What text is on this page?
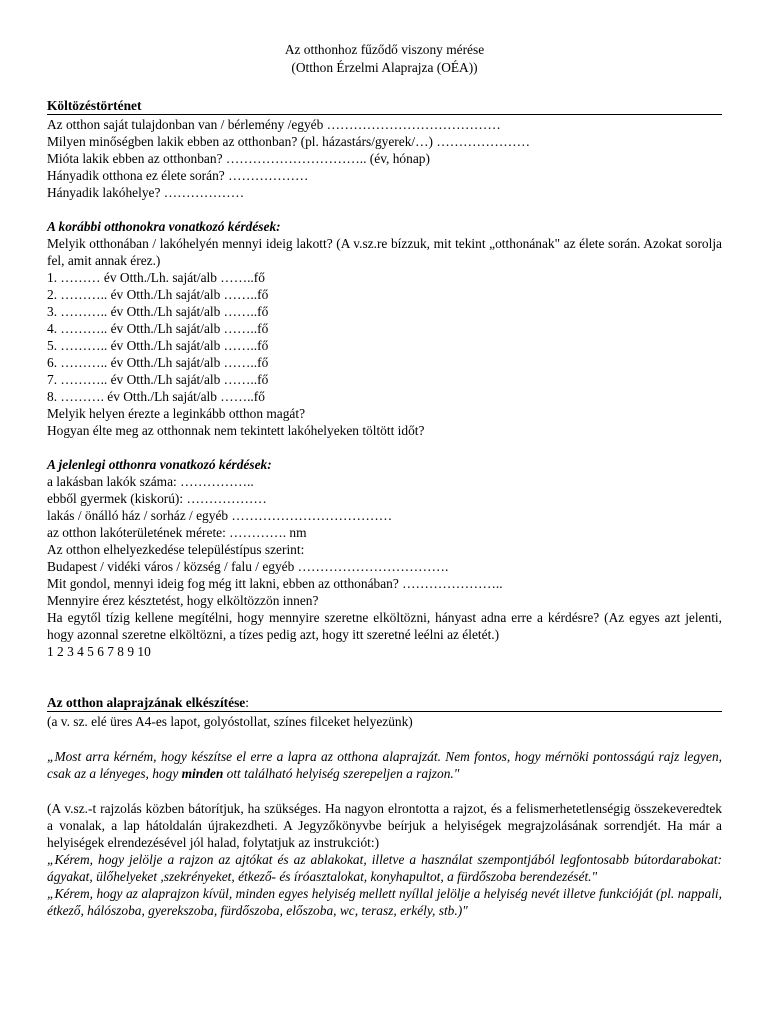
Az otthonhoz fűződő viszony mérése
(Otthon Érzelmi Alaprajza (OÉA))
Költözéstörténet
Az otthon saját tulajdonban van / bérlemény /egyéb …………………………………
Milyen minőségben lakik ebben az otthonban? (pl. házastárs/gyerek/…) …………………
Mióta lakik ebben az otthonban? ………………………….. (év, hónap)
Hányadik otthona ez élete során? ………………
Hányadik lakóhelye? ………………
A korábbi otthonokra vonatkozó kérdések:
Melyik otthonában / lakóhelyén mennyi ideig lakott? (A v.sz.re bízzuk, mit tekint „otthonának" az élete során. Azokat sorolja fel, amit annak érez.)
1. ……… év Otth./Lh. saját/alb ……..fő
2. ……….. év Otth./Lh saját/alb ……..fő
3. ……….. év Otth./Lh saját/alb ……..fő
4. ……….. év Otth./Lh saját/alb ……..fő
5. ……….. év Otth./Lh saját/alb ……..fő
6. ……….. év Otth./Lh saját/alb ……..fő
7. ……….. év Otth./Lh saját/alb ……..fő
8. ………. év Otth./Lh saját/alb ……..fő
Melyik helyen érezte a leginkább otthon magát?
Hogyan élte meg az otthonnak nem tekintett lakóhelyeken töltött időt?
A jelenlegi otthonra vonatkozó kérdések:
a lakásban lakók száma: ……………..
ebből gyermek (kiskorú): ………………
lakás / önálló ház / sorház / egyéb ………………………………
az otthon lakóterületének mérete: …………. nm
Az otthon elhelyezkedése településtípus szerint:
Budapest / vidéki város / község / falu / egyéb …………………………….
Mit gondol, mennyi ideig fog még itt lakni, ebben az otthonában? …………………..
Mennyire érez késztetést, hogy elköltözzön innen?
Ha egytől tízig kellene megítélni, hogy mennyire szeretne elköltözni, hányast adna erre a kérdésre? (Az egyes azt jelenti, hogy azonnal szeretne elköltözni, a tízes pedig azt, hogy itt szeretné leélni az életét.)
1 2 3 4 5 6 7 8 9 10
Az otthon alaprajzának elkészítése:
(a v. sz. elé üres A4-es lapot, golyóstollat, színes filceket helyezünk)
„Most arra kérném, hogy készítse el erre a lapra az otthona alaprajzát. Nem fontos, hogy mérnöki pontosságú rajz legyen, csak az a lényeges, hogy minden ott található helyiség szerepeljen a rajzon."
(A v.sz.-t rajzolás közben bátorítjuk, ha szükséges. Ha nagyon elrontotta a rajzot, és a felismerhetetlenségig összekeveredtek a vonalak, a lap hátoldalán újrakezdheti. A Jegyzőkönyvbe beírjuk a helyiségek megrajzolásának sorrendjét. Ha már a helyiségek elrendezésével jól halad, folytatjuk az instrukciót:)
„Kérem, hogy jelölje a rajzon az ajtókat és az ablakokat, illetve a használat szempontjából legfontosabb bútordarabokat: ágyakat, ülőhelyeket ,szekrényeket, étkező- és íróasztalokat, konyhapultot, a fürdőszoba berendezését."
„Kérem, hogy az alaprajzon kívül, minden egyes helyiség mellett nyíllal jelölje a helyiség nevét illetve funkcióját (pl. nappali, étkező, hálószoba, gyerekszoba, fürdőszoba, előszoba, wc, terasz, erkély, stb.)"
